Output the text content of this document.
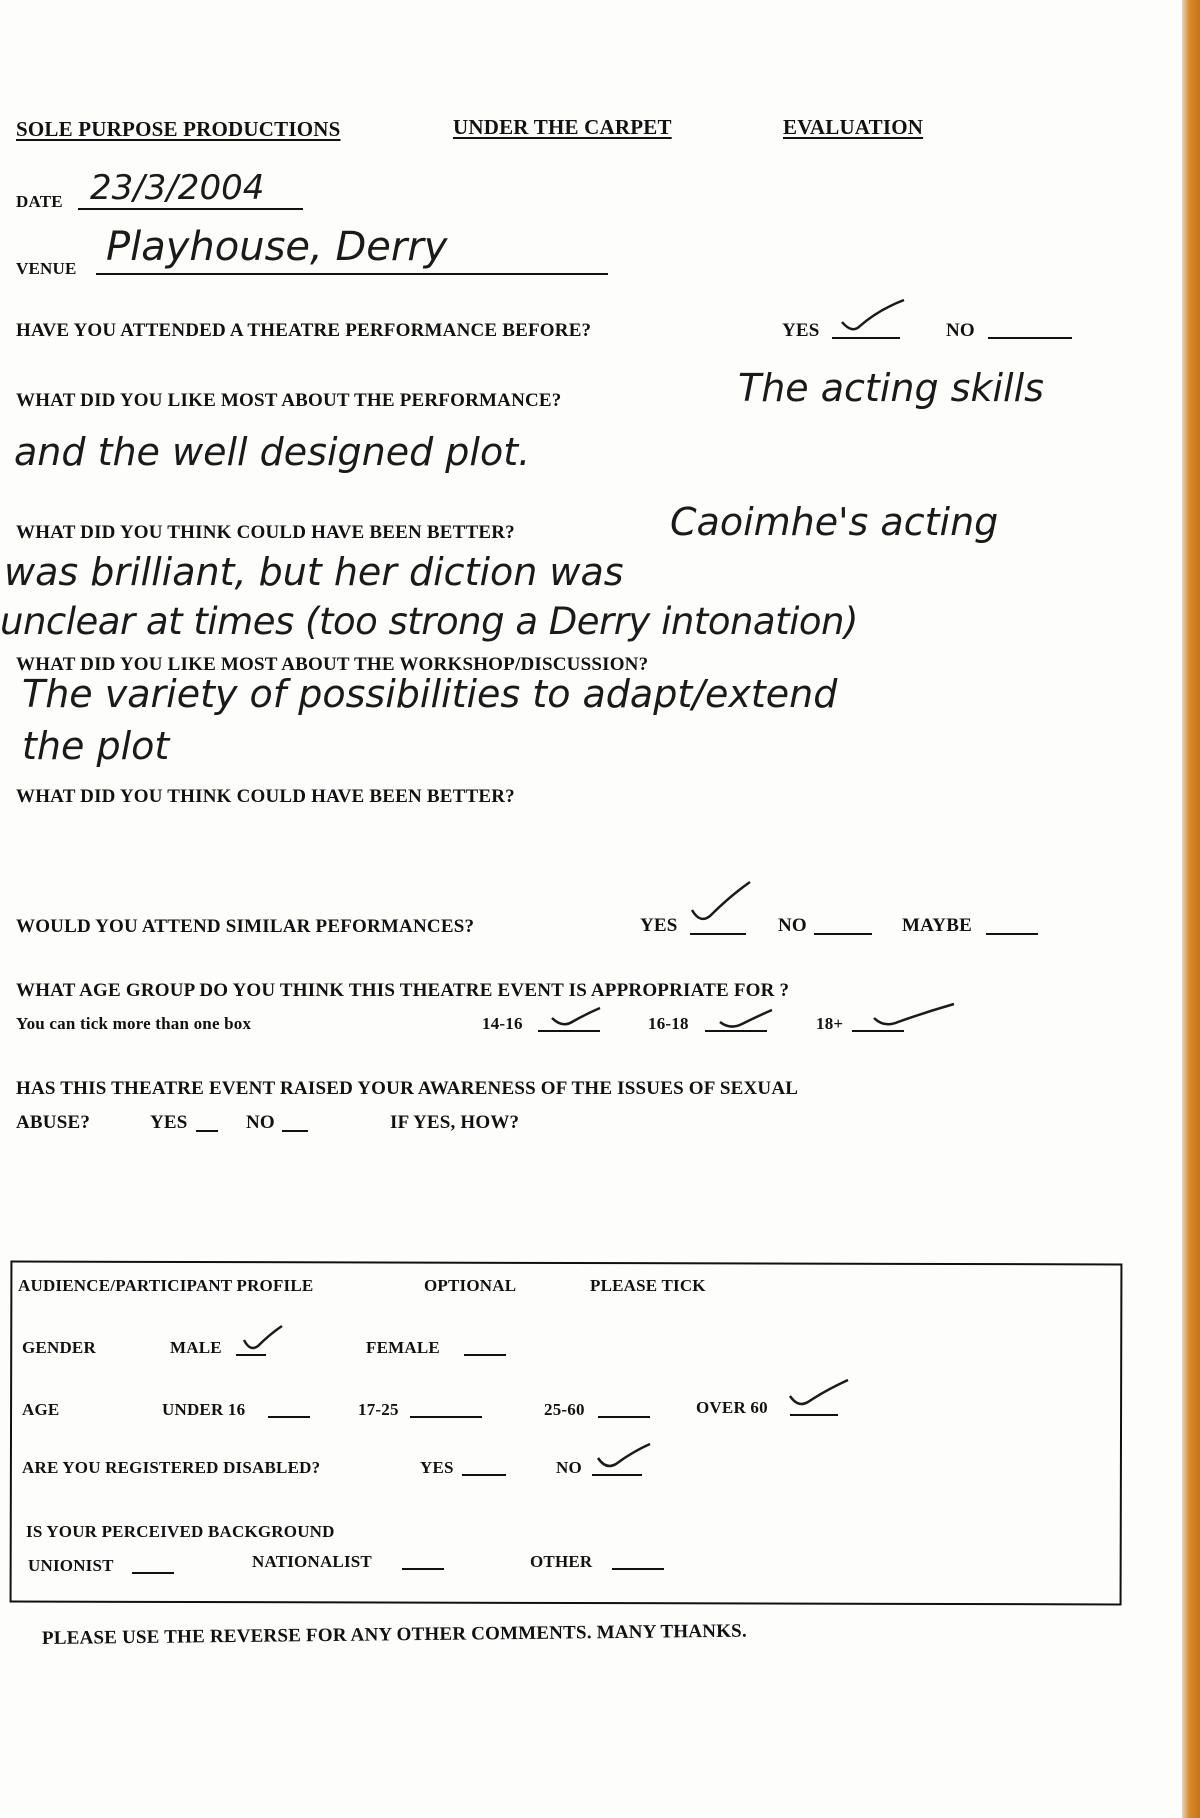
SOLE PURPOSE PRODUCTIONS	UNDER THE CARPET	EVALUATION
DATE 23/3/2004
VENUE Playhouse, Derry
HAVE YOU ATTENDED A THEATRE PERFORMANCE BEFORE?	YES	NO
WHAT DID YOU LIKE MOST ABOUT THE PERFORMANCE?	The acting skills
and the well designed plot.
WHAT DID YOU THINK COULD HAVE BEEN BETTER?	Caoimhe's acting
was brilliant, but her diction was
unclear at times (too strong a Derry intonation)
WHAT DID YOU LIKE MOST ABOUT THE WORKSHOP/DISCUSSION?
The variety of possibilities to adapt/extend
the plot
WHAT DID YOU THINK COULD HAVE BEEN BETTER?
WOULD YOU ATTEND SIMILAR PEFORMANCES?	YES	NO	MAYBE
WHAT AGE GROUP DO YOU THINK THIS THEATRE EVENT IS APPROPRIATE FOR ?
You can tick more than one box	14-16	16-18	18+
HAS THIS THEATRE EVENT RAISED YOUR AWARENESS OF THE ISSUES OF SEXUAL
ABUSE?	YES	NO	IF YES, HOW?
AUDIENCE/PARTICIPANT PROFILE	OPTIONAL	PLEASE TICK
GENDER	MALE	FEMALE
AGE	UNDER 16	17-25	25-60	OVER 60
ARE YOU REGISTERED DISABLED?	YES	NO
IS YOUR PERCEIVED BACKGROUND
UNIONIST	NATIONALIST	OTHER
PLEASE USE THE REVERSE FOR ANY OTHER COMMENTS. MANY THANKS.
